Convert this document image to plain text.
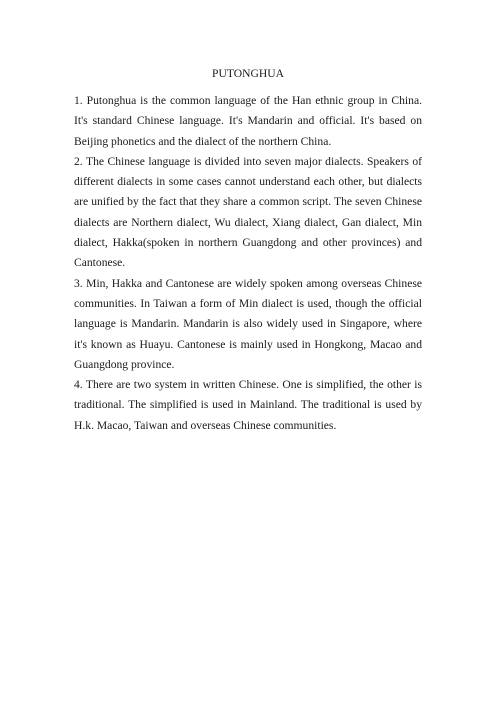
PUTONGHUA

1. Putonghua is the common language of the Han ethnic group in China. It's standard Chinese language. It's Mandarin and official. It's based on Beijing phonetics and the dialect of the northern China.

2. The Chinese language is divided into seven major dialects. Speakers of different dialects in some cases cannot understand each other, but dialects are unified by the fact that they share a common script. The seven Chinese dialects are Northern dialect, Wu dialect, Xiang dialect, Gan dialect, Min dialect, Hakka(spoken in northern Guangdong and other provinces) and Cantonese.

3. Min, Hakka and Cantonese are widely spoken among overseas Chinese communities. In Taiwan a form of Min dialect is used, though the official language is Mandarin. Mandarin is also widely used in Singapore, where it's known as Huayu. Cantonese is mainly used in Hongkong, Macao and Guangdong province.

4. There are two system in written Chinese. One is simplified, the other is traditional. The simplified is used in Mainland. The traditional is used by H.k. Macao, Taiwan and overseas Chinese communities.
